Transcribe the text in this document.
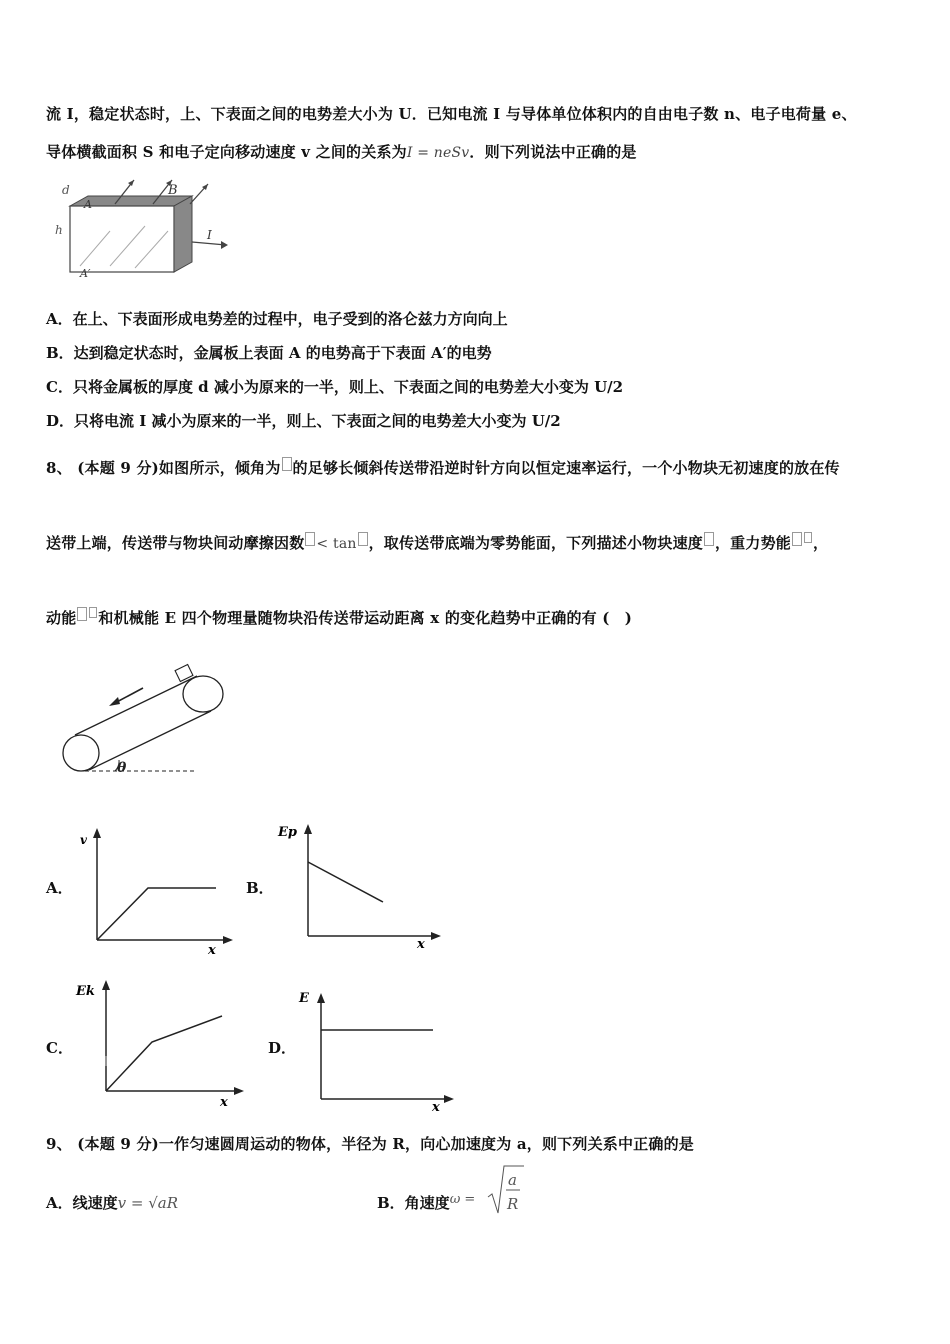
流 I，稳定状态时，上、下表面之间的电势差大小为 U．已知电流 I 与导体单位体积内的自由电子数 n、电子电荷量 e、
导体横截面积 S 和电子定向移动速度 v 之间的关系为I = neSv．则下列说法中正确的是
d
A
B
h	I
A′
A．在上、下表面形成电势差的过程中，电子受到的洛仑兹力方向向上
B．达到稳定状态时，金属板上表面 A 的电势高于下表面 A′的电势
C．只将金属板的厚度 d 减小为原来的一半，则上、下表面之间的电势差大小变为 U/2
D．只将电流 I 减小为原来的一半，则上、下表面之间的电势差大小变为 U/2
8、 (本题 9 分)如图所示，倾角为 的足够长倾斜传送带沿逆时针方向以恒定速率运行，一个小物块无初速度的放在传
送带上端，传送带与物块间动摩擦因数 < tan ，取传送带底端为零势能面，下列描述小物块速度 ，重力势能 ，
动能 和机械能 E 四个物理量随物块沿传送带运动距离 x 的变化趋势中正确的有 (　)
θ
A．
v
x
B．
Ep
x
C．
Ek
x
D．
E
x
9、 (本题 9 分)一作匀速圆周运动的物体，半径为 R，向心加速度为 a，则下列关系中正确的是
A．线速度v = √aR	B．角速度ω =
a
R
